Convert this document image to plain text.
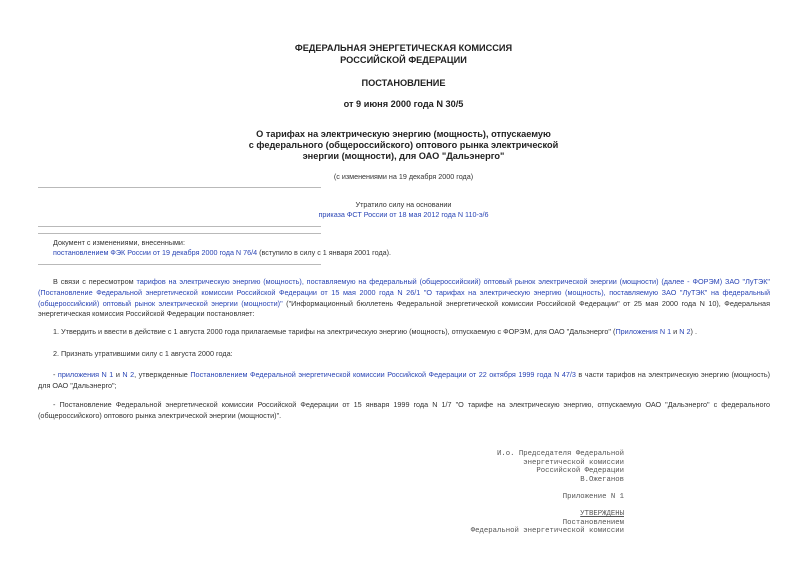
ФЕДЕРАЛЬНАЯ ЭНЕРГЕТИЧЕСКАЯ КОМИССИЯ
РОССИЙСКОЙ ФЕДЕРАЦИИ
ПОСТАНОВЛЕНИЕ
от 9 июня 2000 года N 30/5
О тарифах на электрическую энергию (мощность), отпускаемую
с федерального (общероссийского) оптового рынка электрической
энергии (мощности), для ОАО "Дальэнерго"
(с изменениями на 19 декабря 2000 года)
Утратило силу на основании
приказа ФСТ России от 18 мая 2012 года N 110-э/6
Документ с изменениями, внесенными:
постановлением ФЭК России от 19 декабря 2000 года N 76/4 (вступило в силу с 1 января 2001 года).
В связи с пересмотром тарифов на электрическую энергию (мощность), поставляемую на федеральный (общероссийский) оптовый рынок электрической энергии (мощности) (далее - ФОРЭМ) ЗАО "ЛуТЭК" (Постановление Федеральной энергетической комиссии Российской Федерации от 15 мая 2000 года N 26/1 "О тарифах на электрическую энергию (мощность), поставляемую ЗАО "ЛуТЭК" на федеральный (общероссийский) оптовый рынок электрической энергии (мощности)" ("Информационный бюллетень Федеральной энергетической комиссии Российской Федерации" от 25 мая 2000 года N 10), Федеральная энергетическая комиссия Российской Федерации постановляет:
1. Утвердить и ввести в действие с 1 августа 2000 года прилагаемые тарифы на электрическую энергию (мощность), отпускаемую с ФОРЭМ, для ОАО "Дальэнерго" (Приложения N 1 и N 2) .
2. Признать утратившими силу с 1 августа 2000 года:
- приложения N 1 и N 2, утвержденные Постановлением Федеральной энергетической комиссии Российской Федерации от 22 октября 1999 года N 47/3 в части тарифов на электрическую энергию (мощность) для ОАО "Дальэнерго";
- Постановление Федеральной энергетической комиссии Российской Федерации от 15 января 1999 года N 1/7 "О тарифе на электрическую энергию, отпускаемую ОАО "Дальэнерго" с федерального (общероссийского) оптового рынка электрической энергии (мощности)".
И.о. Председателя Федеральной
энергетической комиссии
Российской Федерации
В.Ожеганов
Приложение N 1
УТВЕРЖДЕНЫ
Постановлением
Федеральной энергетической комиссии
